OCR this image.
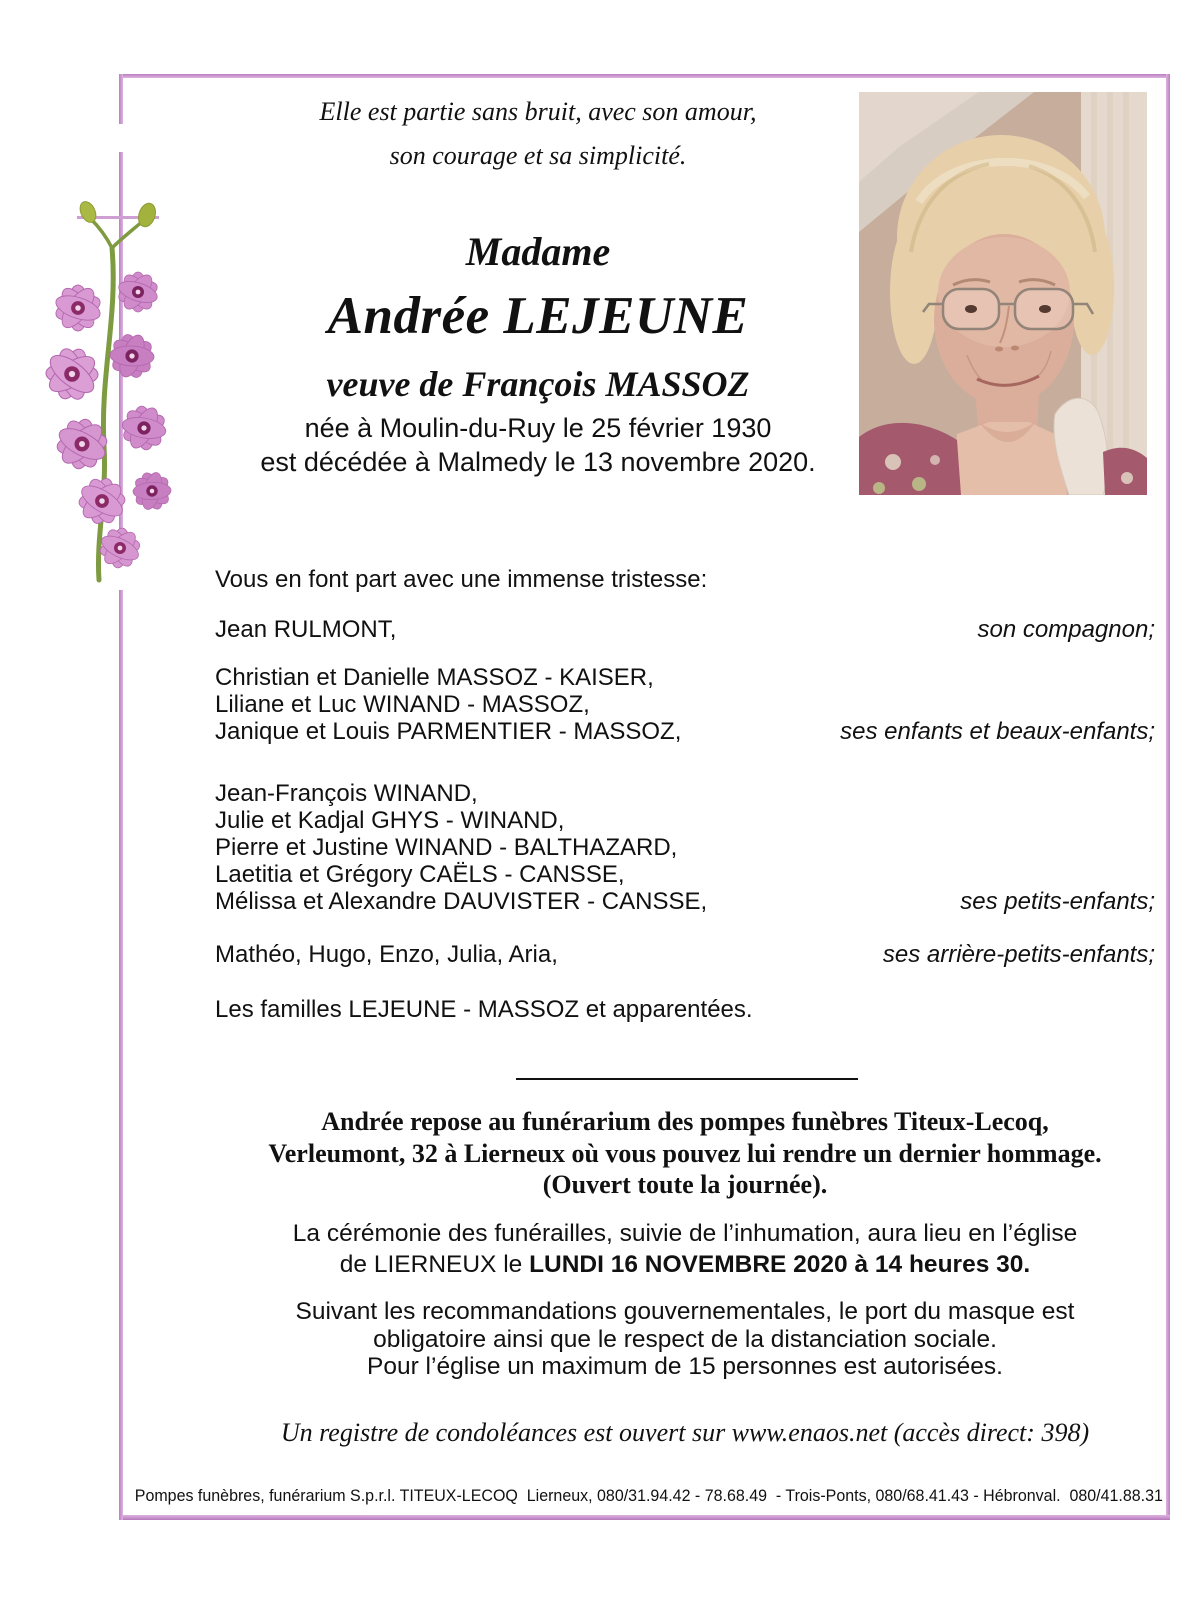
Elle est partie sans bruit, avec son amour,
son courage et sa simplicité.
Madame
Andrée LEJEUNE
veuve de François MASSOZ
née à Moulin-du-Ruy le 25 février 1930
est décédée à Malmedy le 13 novembre 2020.
Vous en font part avec une immense tristesse:
Jean RULMONT,	son compagnon;
Christian et Danielle MASSOZ - KAISER,
Liliane et Luc WINAND - MASSOZ,
Janique et Louis PARMENTIER - MASSOZ,	ses enfants et beaux-enfants;
Jean-François WINAND,
Julie et Kadjal GHYS - WINAND,
Pierre et Justine WINAND - BALTHAZARD,
Laetitia et Grégory CAËLS - CANSSE,
Mélissa et Alexandre DAUVISTER - CANSSE,	ses petits-enfants;
Mathéo, Hugo, Enzo, Julia, Aria,	ses arrière-petits-enfants;
Les familles LEJEUNE - MASSOZ et apparentées.
Andrée repose au funérarium des pompes funèbres Titeux-Lecoq,
Verleumont, 32 à Lierneux où vous pouvez lui rendre un dernier hommage.
(Ouvert toute la journée).
La cérémonie des funérailles, suivie de l’inhumation, aura lieu en l’église
de LIERNEUX le LUNDI 16 NOVEMBRE 2020 à 14 heures 30.
Suivant les recommandations gouvernementales, le port du masque est
obligatoire ainsi que le respect de la distanciation sociale.
Pour l’église un maximum de 15 personnes est autorisées.
Un registre de condoléances est ouvert sur www.enaos.net (accès direct: 398)
Pompes funèbres, funérarium S.p.r.l. TITEUX-LECOQ  Lierneux, 080/31.94.42 - 78.68.49  - Trois-Ponts, 080/68.41.43 - Hébronval.  080/41.88.31
